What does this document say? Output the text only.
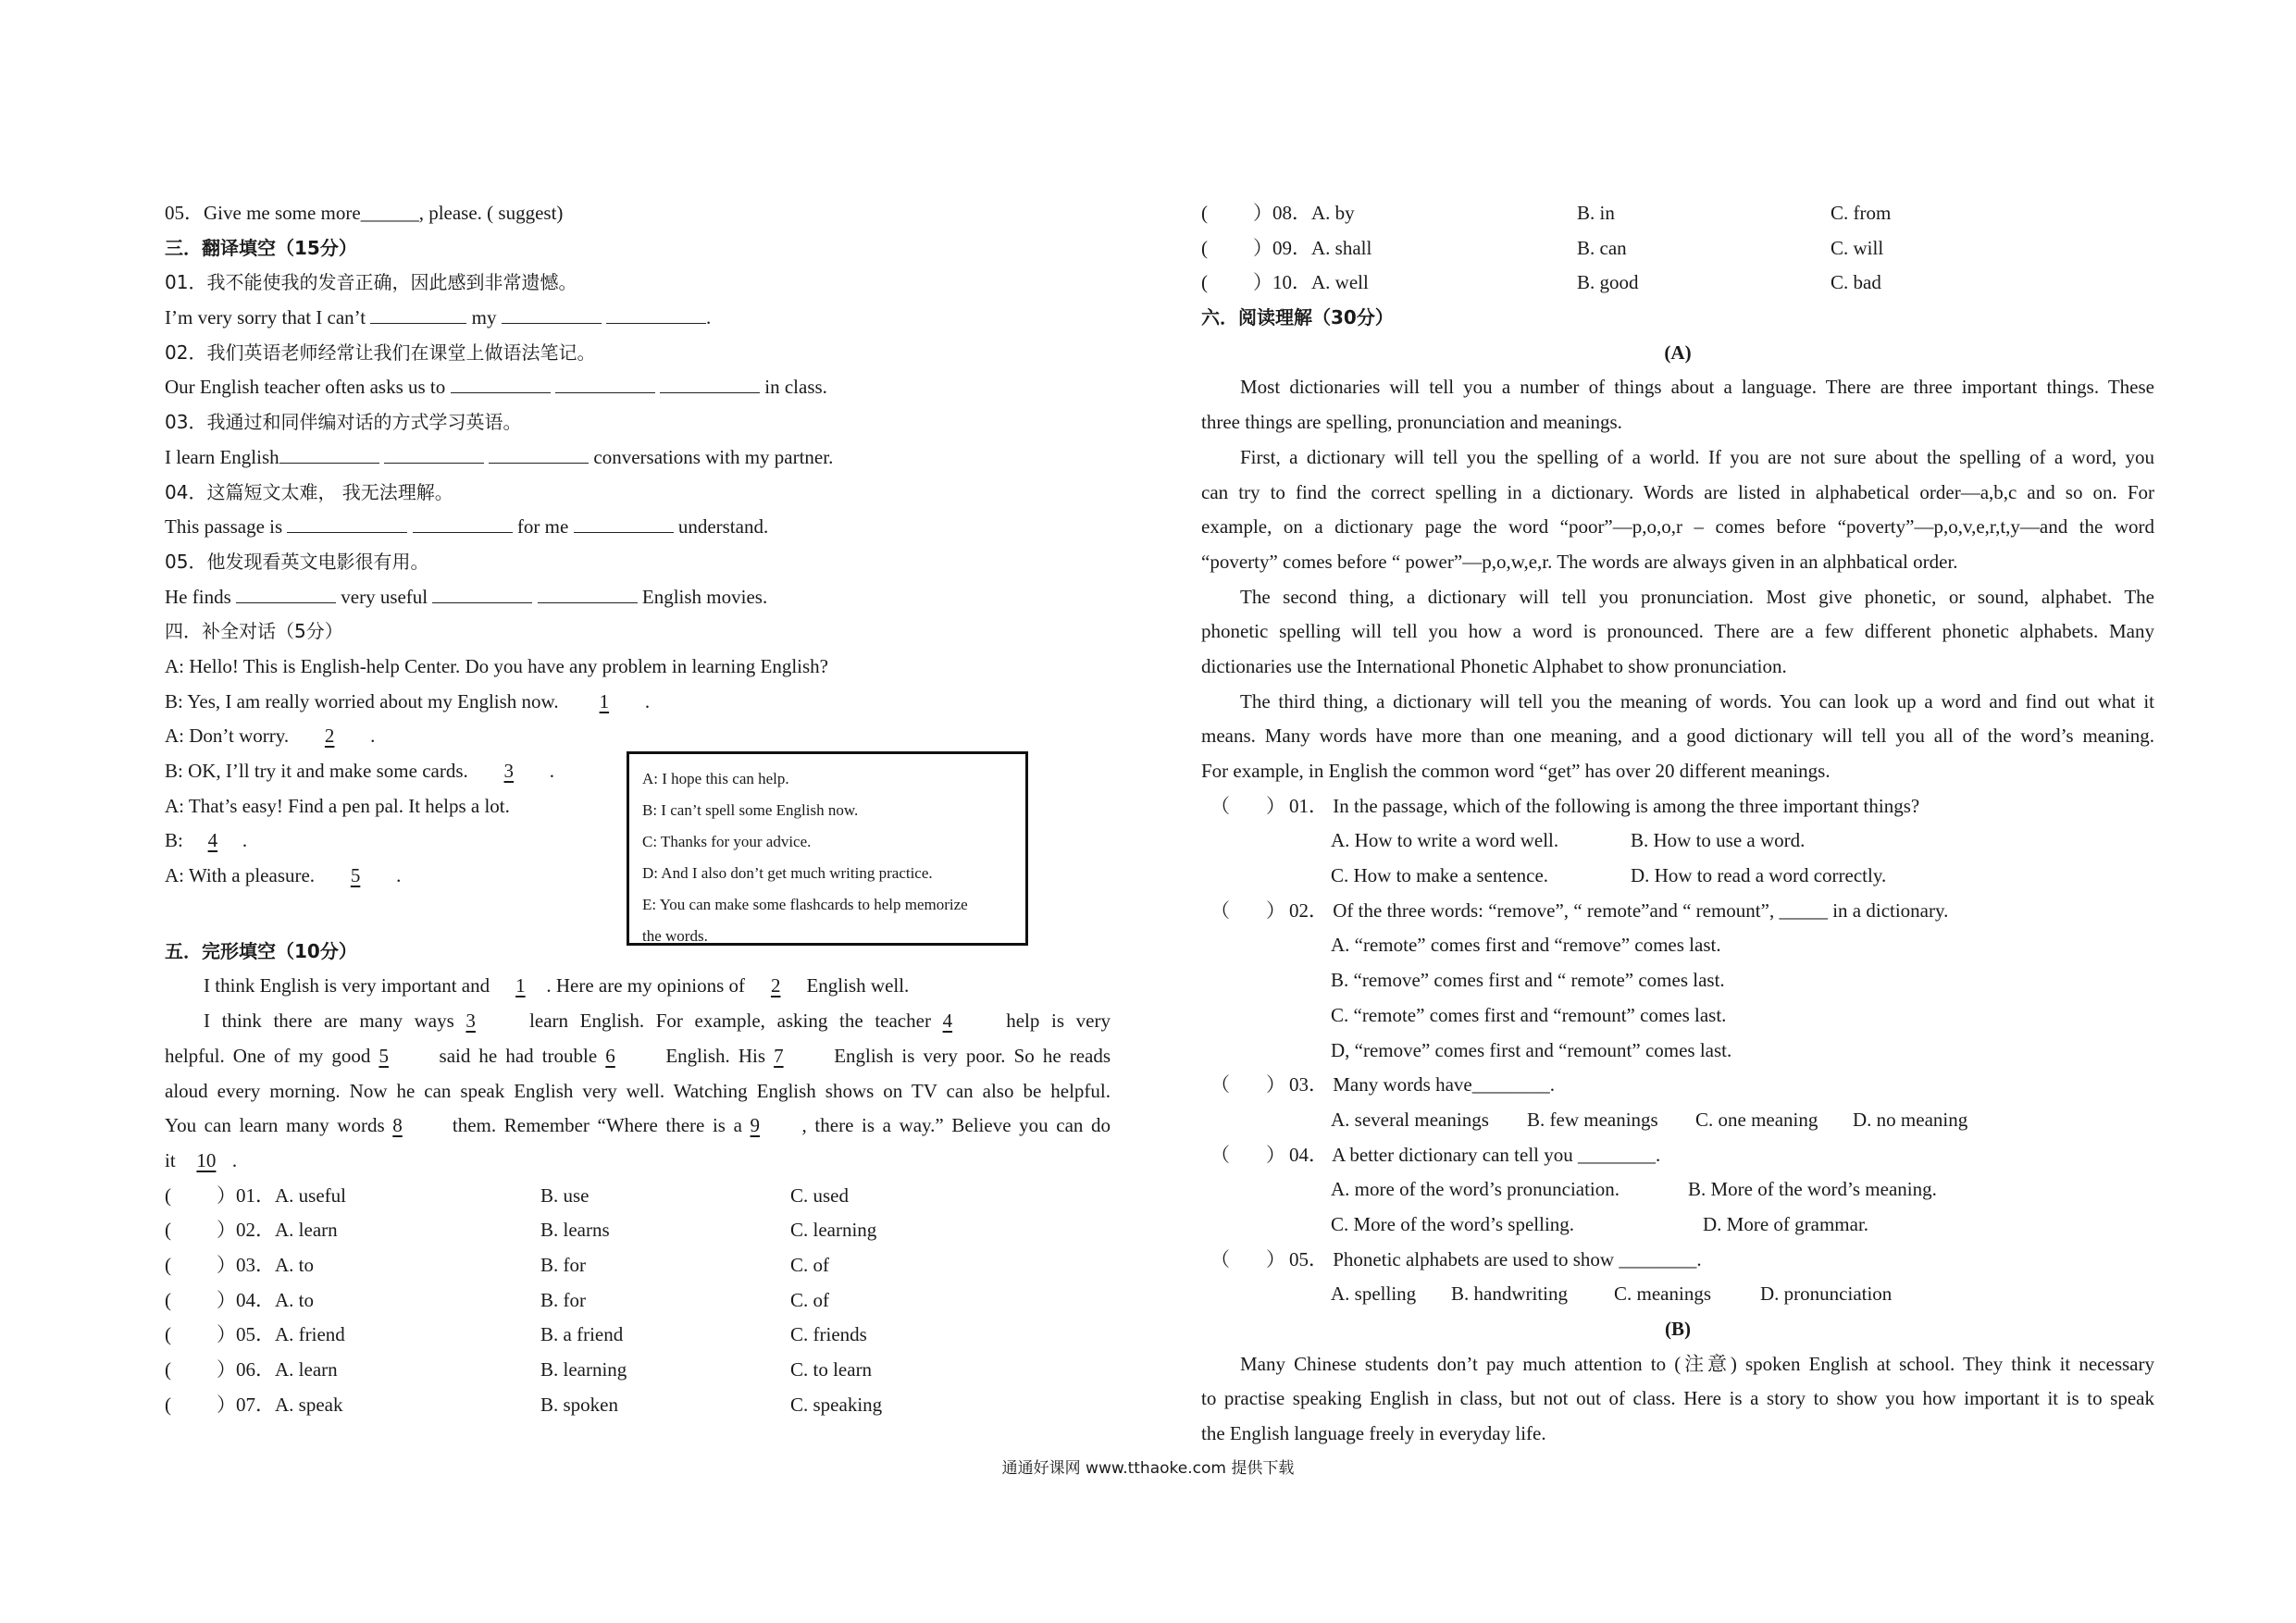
05．Give me some more______, please. ( suggest)
三．翻译填空（15分）
01．我不能使我的发音正确，因此感到非常遗憾。
I’m very sorry that I can’t	my	.
02．我们英语老师经常让我们在课堂上做语法笔记。
Our English teacher often asks us to	in class.
03．我通过和同伴编对话的方式学习英语。
I learn English	conversations with my partner.
04．这篇短文太难， 我无法理解。
This passage is	for me	understand.
05．他发现看英文电影很有用。
He finds	very useful	English movies.
四．补全对话（5分）
A: Hello! This is English-help Center. Do you have any problem in learning English?
B: Yes, I am really worried about my English now. 1 .
A: Don’t worry. 2 .
B: OK, I’ll try it and make some cards. 3 .
A: That’s easy! Find a pen pal. It helps a lot.
B: 4 .
A: With a pleasure. 5 .
五．完形填空（10分）
I think English is very important and 1 . Here are my opinions of 2 English well.
I think there are many ways 3	learn English. For example, asking the teacher 4	help is very
helpful. One of my good 5	said he had trouble 6	English. His 7	English is very poor. So he reads
aloud every morning. Now he can speak English very well. Watching English shows on TV can also be helpful.
You can learn many words 8	them. Remember “Where there is a 9 , there is a way.” Believe you can do
it 10 .
( ）01．A. useful	B. use	C. used
( ）02．A. learn	B. learns	C. learning
( ）03．A. to	B. for	C. of
( ）04．A. to	B. for	C. of
( ）05．A. friend	B. a friend	C. friends
( ）06．A. learn	B. learning	C. to learn
( ）07．A. speak	B. spoken	C. speaking
A: I hope this can help.
B: I can’t spell some English now.
C: Thanks for your advice.
D: And I also don’t get much writing practice.
E: You can make some flashcards to help memorize
the words.
( ）08．A. by	B. in	C. from
( ）09．A. shall	B. can	C. will
( ）10．A. well	B. good	C. bad
六．阅读理解（30分）
(A)
Most dictionaries will tell you a number of things about a language. There are three important things. These
three things are spelling, pronunciation and meanings.
First, a dictionary will tell you the spelling of a world. If you are not sure about the spelling of a word, you
can try to find the correct spelling in a dictionary. Words are listed in alphabetical order—a,b,c and so on. For
example, on a dictionary page the word “poor”—p,o,o,r – comes before “poverty”—p,o,v,e,r,t,y—and the word
“poverty” comes before “ power”—p,o,w,e,r. The words are always given in an alphbatical order.
The second thing, a dictionary will tell you pronunciation. Most give phonetic, or sound, alphabet. The
phonetic spelling will tell you how a word is pronounced. There are a few different phonetic alphabets. Many
dictionaries use the International Phonetic Alphabet to show pronunciation.
The third thing, a dictionary will tell you the meaning of words. You can look up a word and find out what it
means. Many words have more than one meaning, and a good dictionary will tell you all of the word’s meaning.
For example, in English the common word “get” has over 20 different meanings.
（ ） 01． In the passage, which of the following is among the three important things?
A. How to write a word well.	B. How to use a word.
C. How to make a sentence.	D. How to read a word correctly.
（ ） 02． Of the three words: “remove”, “ remote”and “ remount”, _____ in a dictionary.
A. “remote” comes first and “remove” comes last.
B. “remove” comes first and “ remote” comes last.
C. “remote” comes first and “remount” comes last.
D, “remove” comes first and “remount” comes last.
（ ） 03． Many words have________.
A. several meanings B. few meanings C. one meaning D. no meaning
（ ） 04． A better dictionary can tell you ________.
A. more of the word’s pronunciation.	B. More of the word’s meaning.
C. More of the word’s spelling.	D. More of grammar.
（ ） 05． Phonetic alphabets are used to show ________.
A. spelling B. handwriting C. meanings	D. pronunciation
(B)
Many Chinese students don’t pay much attention to (注意) spoken English at school. They think it necessary
to practise speaking English in class, but not out of class. Here is a story to show you how important it is to speak
the English language freely in everyday life.
通通好课网 www.tthaoke.com 提供下载
